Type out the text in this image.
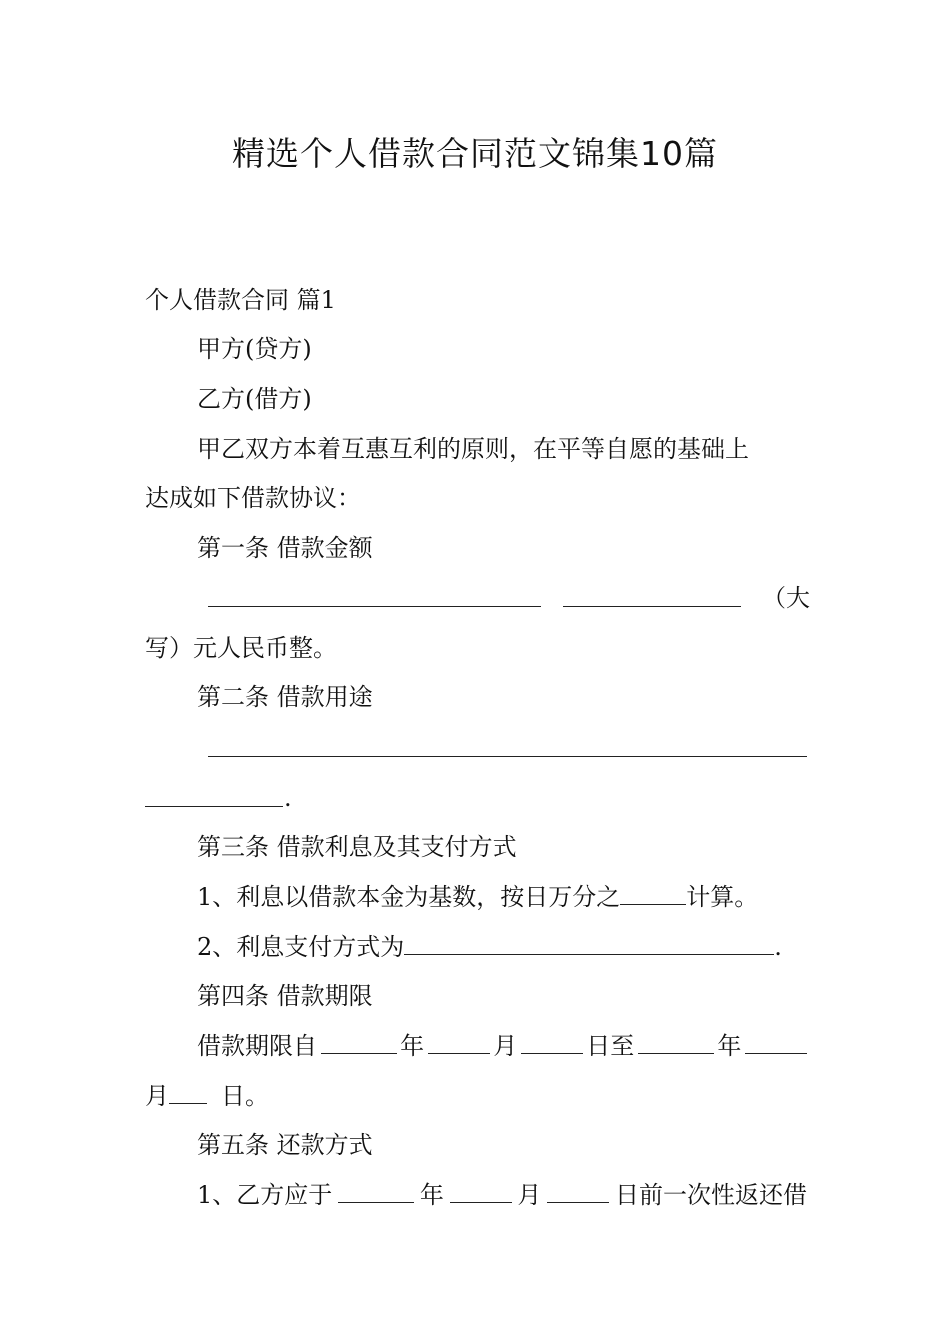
精选个人借款合同范文锦集10篇
个人借款合同 篇1
甲方(贷方)
乙方(借方)
甲乙双方本着互惠互利的原则，在平等自愿的基础上
达成如下借款协议：
第一条 借款金额
（大
写）元人民币整。
第二条 借款用途
.
第三条 借款利息及其支付方式
1、利息以借款本金为基数，按日万分之	计算。
2、利息支付方式为	.
第四条 借款期限
借款期限自	年	月	日至	年
月 日。
第五条 还款方式
1、乙方应于	年	月	日前一次性返还借
